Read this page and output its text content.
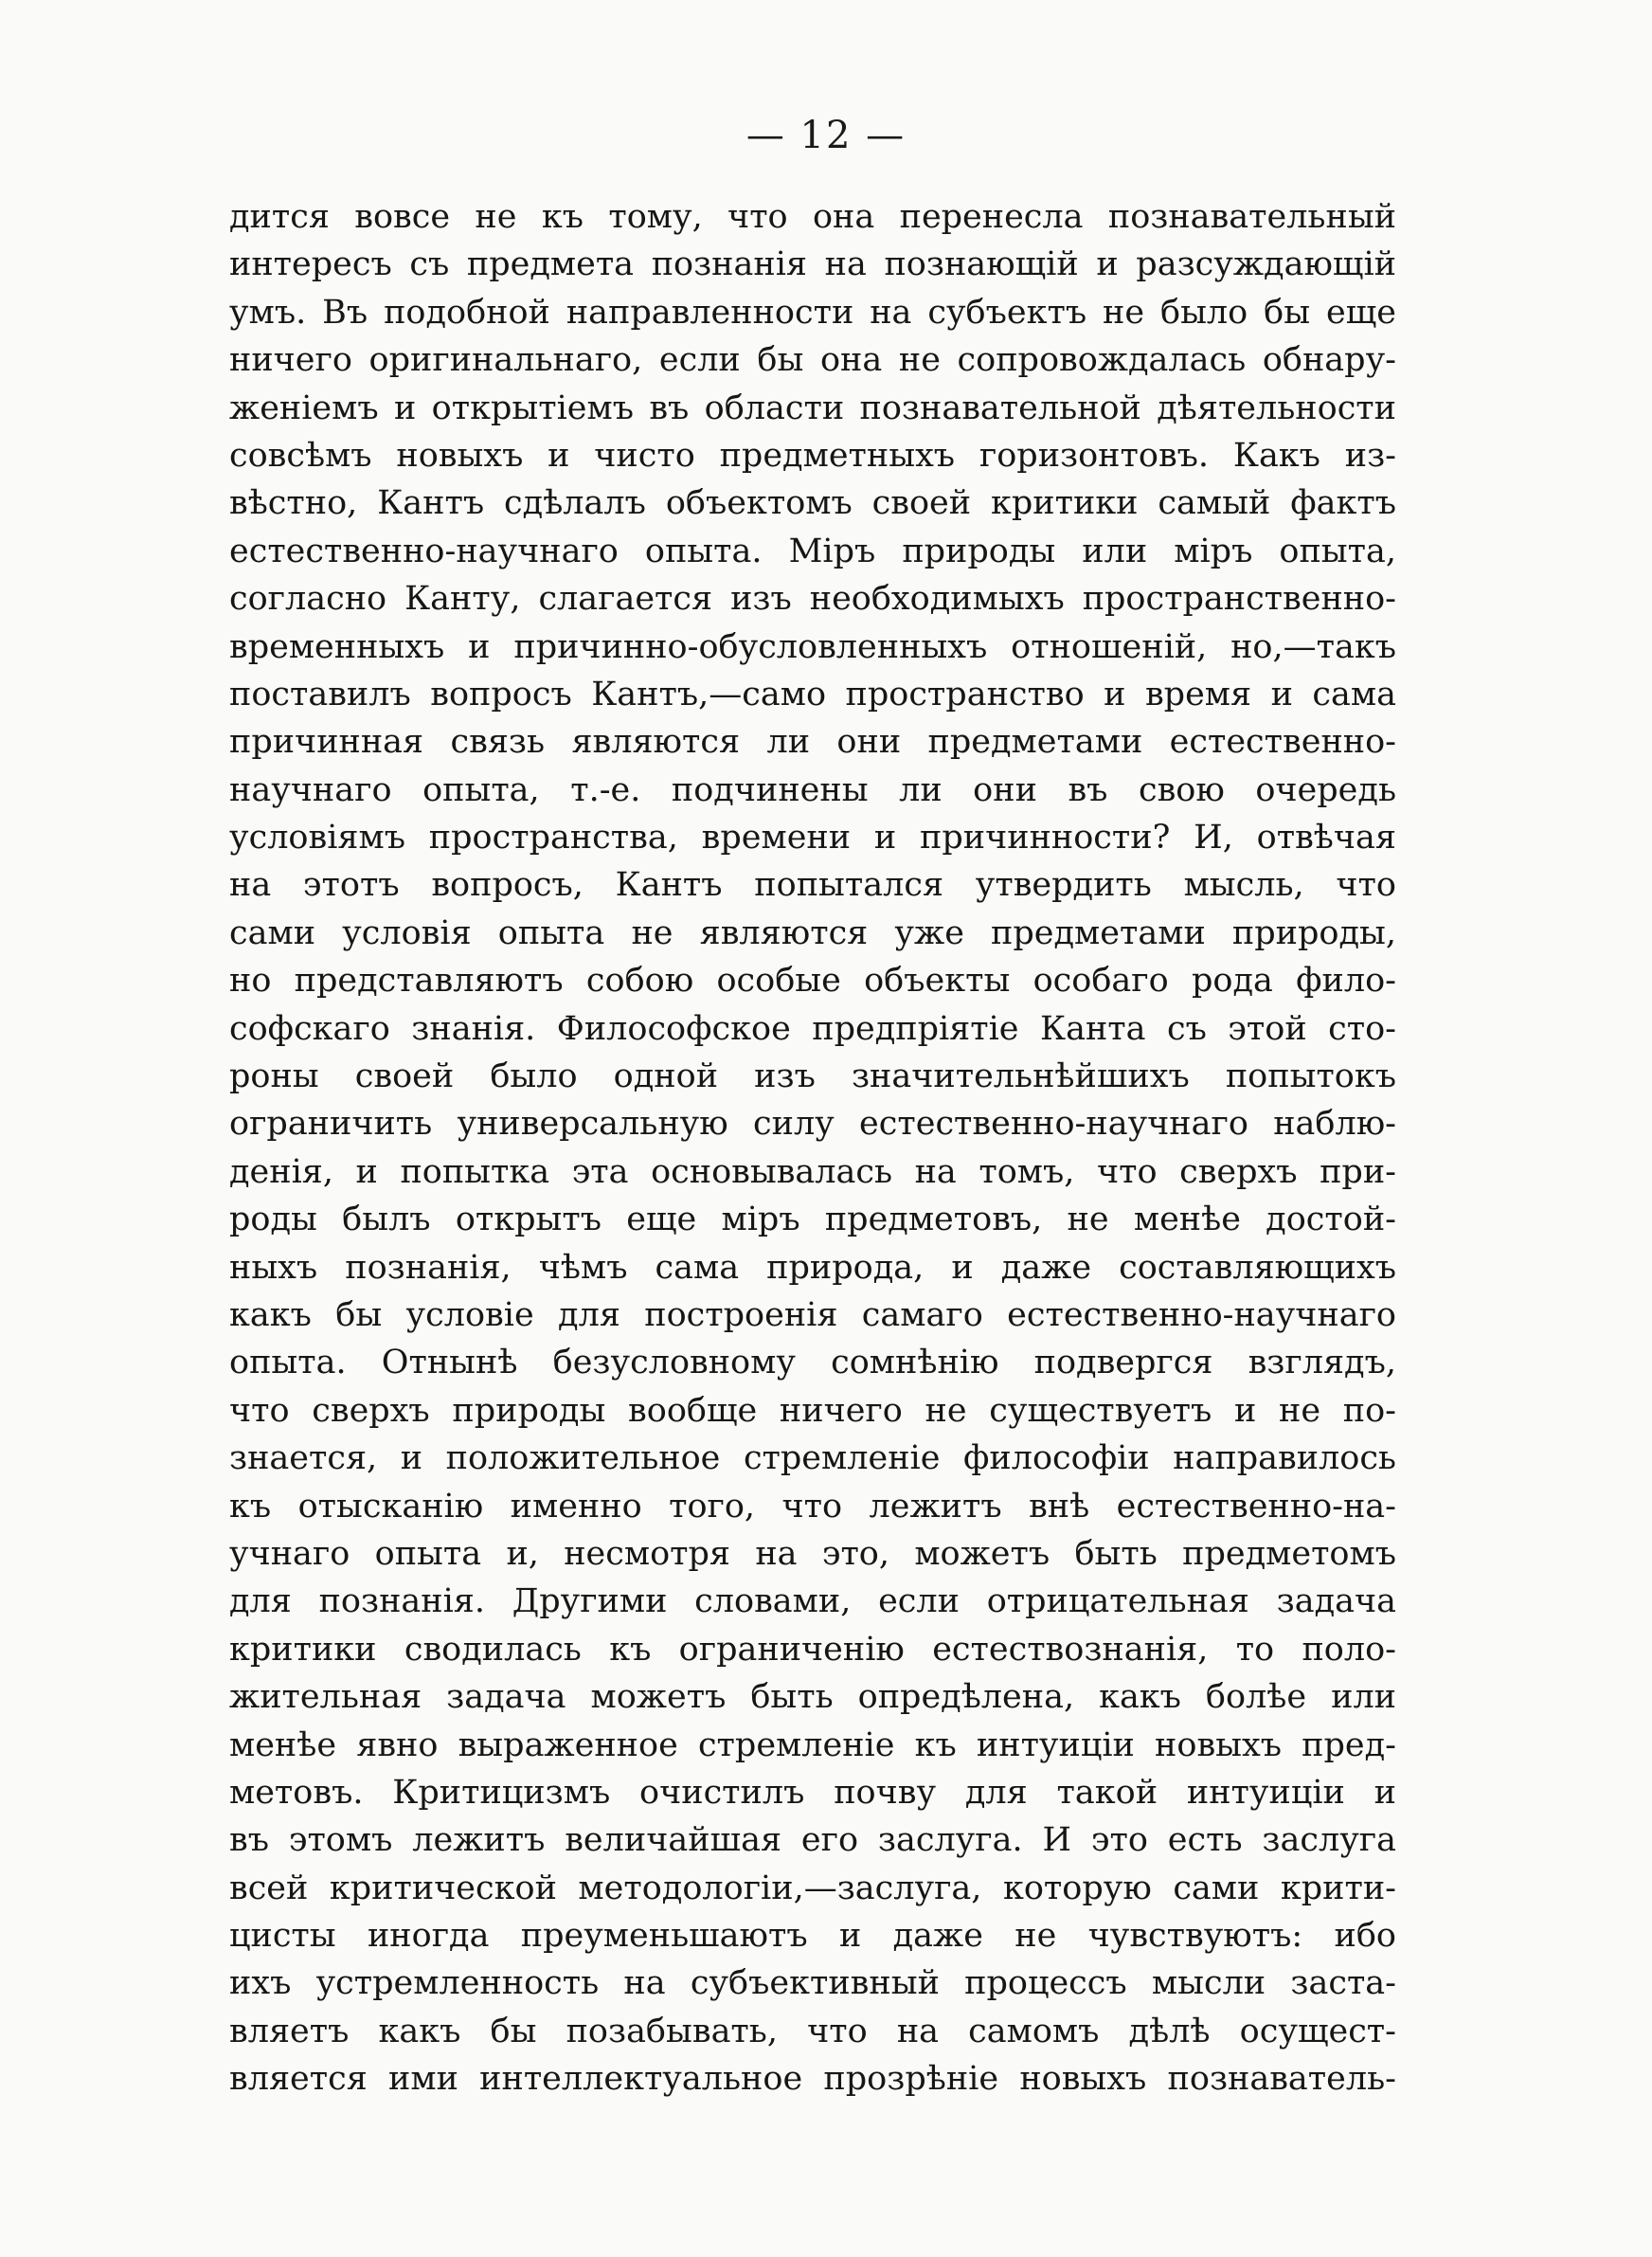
— 12 —
дится вовсе не къ тому, что она перенесла познавательный
интересъ съ предмета познанія на познающій и разсуждающій
умъ. Въ подобной направленности на субъектъ не было бы еще
ничего оригинальнаго, если бы она не сопровождалась обнару-
женіемъ и открытіемъ въ области познавательной дѣятельности
совсѣмъ новыхъ и чисто предметныхъ горизонтовъ. Какъ из-
вѣстно, Кантъ сдѣлалъ объектомъ своей критики самый фактъ
естественно-научнаго опыта. Міръ природы или міръ опыта,
согласно Канту, слагается изъ необходимыхъ пространственно-
временныхъ и причинно-обусловленныхъ отношеній, но,—такъ
поставилъ вопросъ Кантъ,—само пространство и время и сама
причинная связь являются ли они предметами естественно-
научнаго опыта, т.-е. подчинены ли они въ свою очередь
условіямъ пространства, времени и причинности? И, отвѣчая
на этотъ вопросъ, Кантъ попытался утвердить мысль, что
сами условія опыта не являются уже предметами природы,
но представляютъ собою особые объекты особаго рода фило-
софскаго знанія. Философское предпріятіе Канта съ этой сто-
роны своей было одной изъ значительнѣйшихъ попытокъ
ограничить универсальную силу естественно-научнаго наблю-
денія, и попытка эта основывалась на томъ, что сверхъ при-
роды былъ открытъ еще міръ предметовъ, не менѣе достой-
ныхъ познанія, чѣмъ сама природа, и даже составляющихъ
какъ бы условіе для построенія самаго естественно-научнаго
опыта. Отнынѣ безусловному сомнѣнію подвергся взглядъ,
что сверхъ природы вообще ничего не существуетъ и не по-
знается, и положительное стремленіе философіи направилось
къ отысканію именно того, что лежитъ внѣ естественно-на-
учнаго опыта и, несмотря на это, можетъ быть предметомъ
для познанія. Другими словами, если отрицательная задача
критики сводилась къ ограниченію естествознанія, то поло-
жительная задача можетъ быть опредѣлена, какъ болѣе или
менѣе явно выраженное стремленіе къ интуиціи новыхъ пред-
метовъ. Критицизмъ очистилъ почву для такой интуиціи и
въ этомъ лежитъ величайшая его заслуга. И это есть заслуга
всей критической методологіи,—заслуга, которую сами крити-
цисты иногда преуменьшаютъ и даже не чувствуютъ: ибо
ихъ устремленность на субъективный процессъ мысли заста-
вляетъ какъ бы позабывать, что на самомъ дѣлѣ осущест-
вляется ими интеллектуальное прозрѣніе новыхъ познаватель-
